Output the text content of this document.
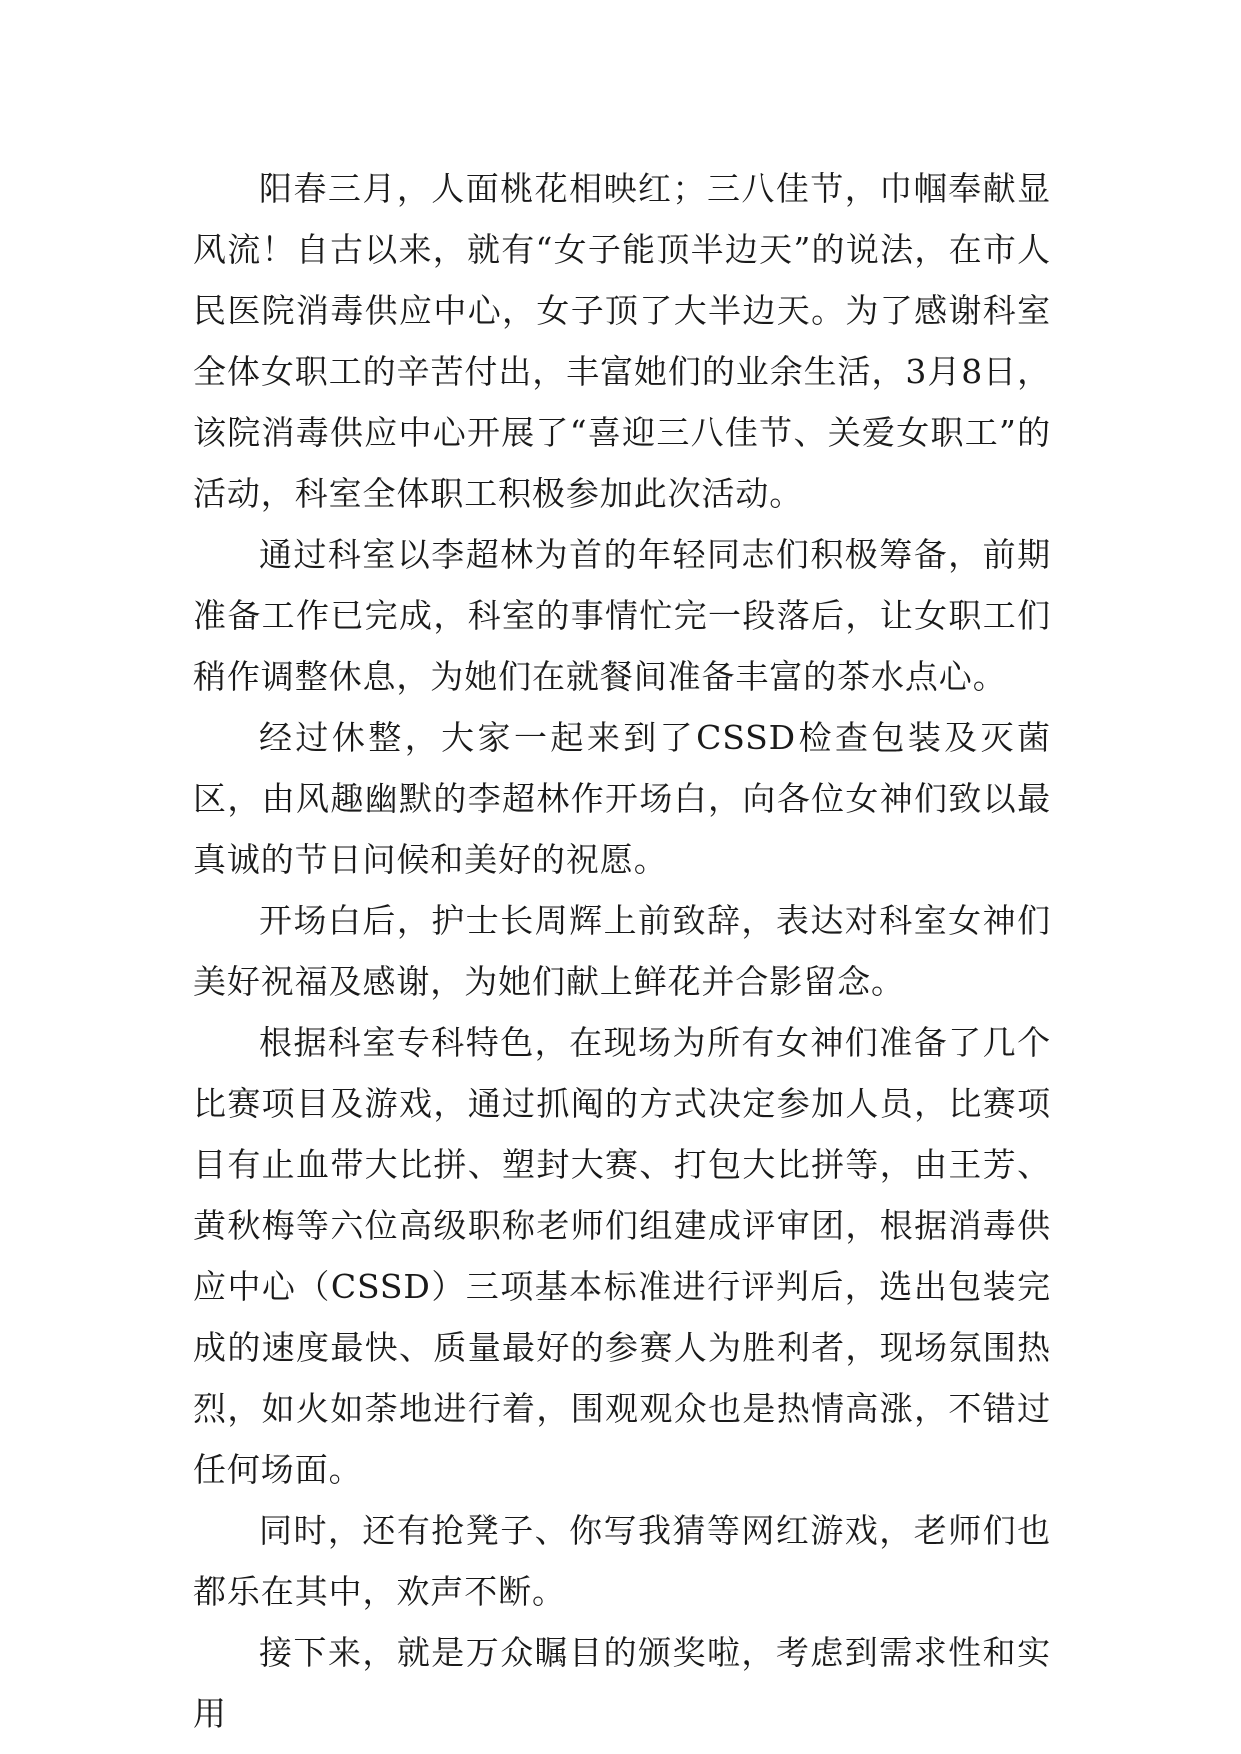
阳春三月，人面桃花相映红；三八佳节，巾帼奉献显风流！自古以来，就有“女子能顶半边天”的说法，在市人民医院消毒供应中心，女子顶了大半边天。为了感谢科室全体女职工的辛苦付出，丰富她们的业余生活，3月8日，该院消毒供应中心开展了“喜迎三八佳节、关爱女职工”的活动，科室全体职工积极参加此次活动。

通过科室以李超林为首的年轻同志们积极筹备，前期准备工作已完成，科室的事情忙完一段落后，让女职工们稍作调整休息，为她们在就餐间准备丰富的茶水点心。

经过休整，大家一起来到了CSSD检查包装及灭菌区，由风趣幽默的李超林作开场白，向各位女神们致以最真诚的节日问候和美好的祝愿。

开场白后，护士长周辉上前致辞，表达对科室女神们美好祝福及感谢，为她们献上鲜花并合影留念。

根据科室专科特色，在现场为所有女神们准备了几个比赛项目及游戏，通过抓阄的方式决定参加人员，比赛项目有止血带大比拼、塑封大赛、打包大比拼等，由王芳、黄秋梅等六位高级职称老师们组建成评审团，根据消毒供应中心（CSSD）三项基本标准进行评判后，选出包装完成的速度最快、质量最好的参赛人为胜利者，现场氛围热烈，如火如荼地进行着，围观观众也是热情高涨，不错过任何场面。

同时，还有抢凳子、你写我猜等网红游戏，老师们也都乐在其中，欢声不断。

接下来，就是万众瞩目的颁奖啦，考虑到需求性和实用
